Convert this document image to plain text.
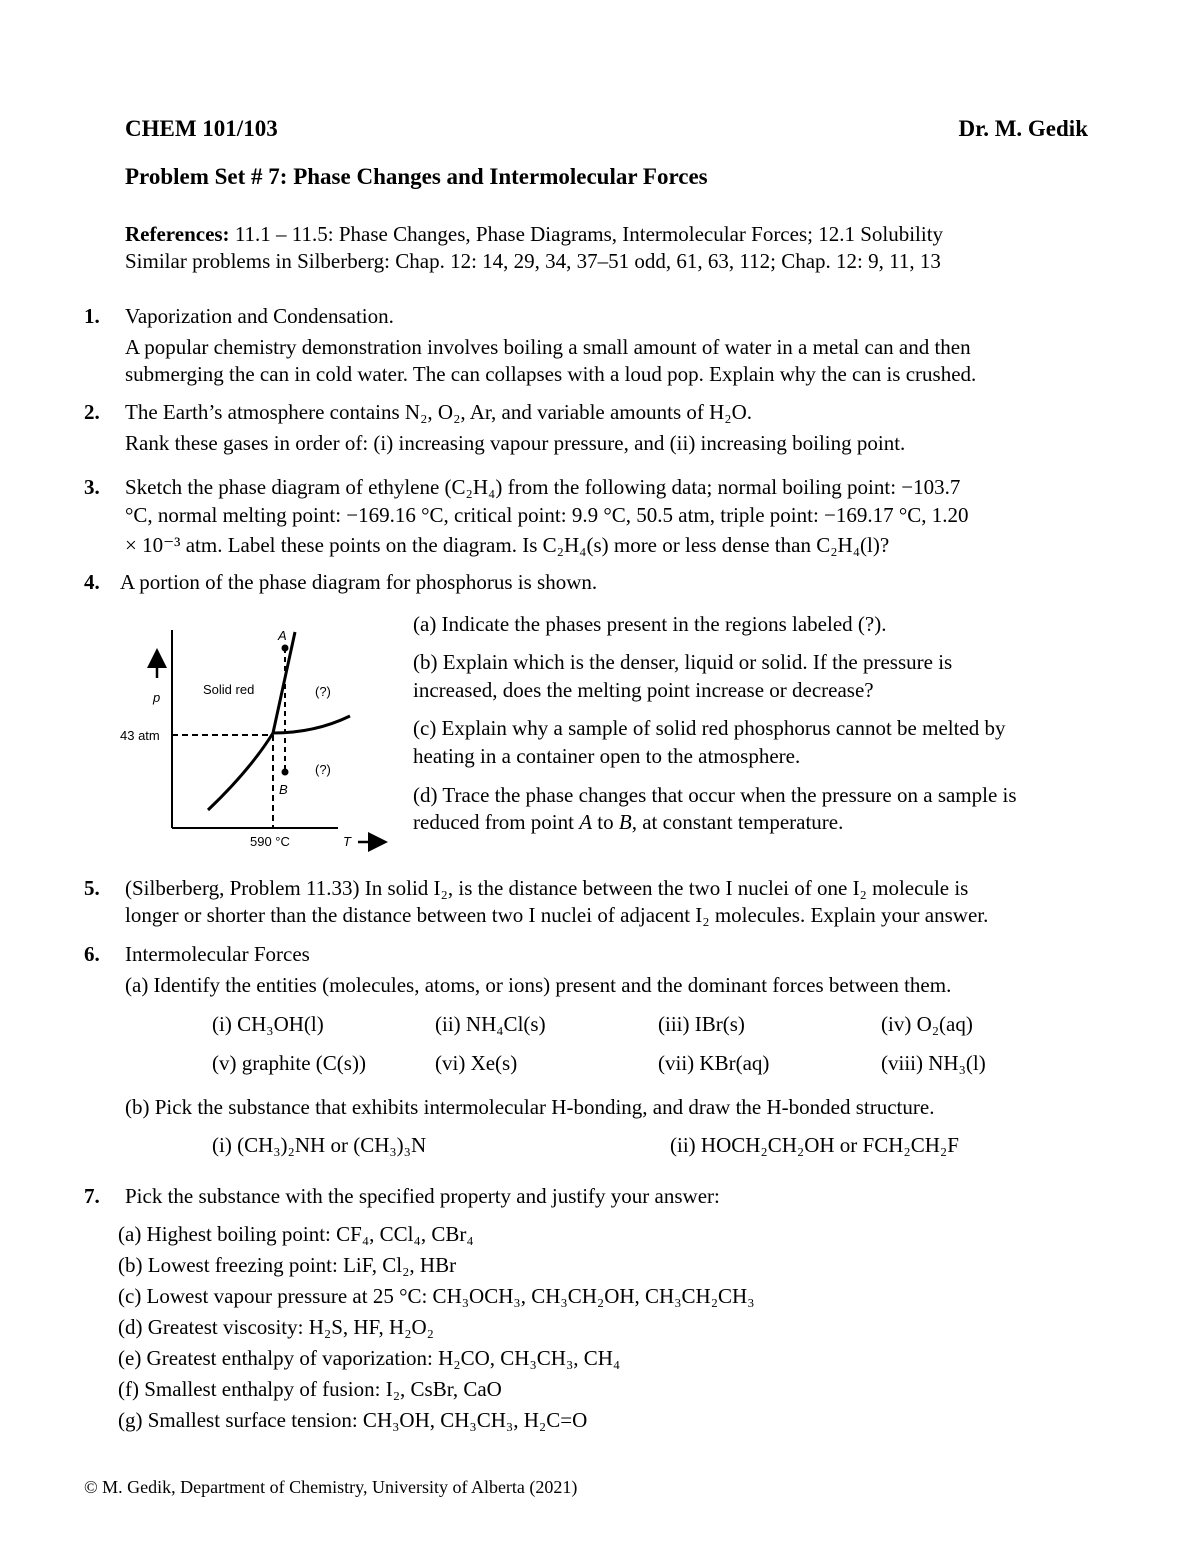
CHEM 101/103	Dr. M. Gedik
Problem Set # 7: Phase Changes and Intermolecular Forces
References: 11.1 – 11.5: Phase Changes, Phase Diagrams, Intermolecular Forces; 12.1 Solubility
Similar problems in Silberberg: Chap. 12: 14, 29, 34, 37–51 odd, 61, 63, 112; Chap. 12: 9, 11, 13
1. Vaporization and Condensation.
A popular chemistry demonstration involves boiling a small amount of water in a metal can and then
submerging the can in cold water. The can collapses with a loud pop. Explain why the can is crushed.
2. The Earth’s atmosphere contains N₂, O₂, Ar, and variable amounts of H₂O.
Rank these gases in order of: (i) increasing vapour pressure, and (ii) increasing boiling point.
3. Sketch the phase diagram of ethylene (C₂H₄) from the following data; normal boiling point: −103.7
°C, normal melting point: −169.16 °C, critical point: 9.9 °C, 50.5 atm, triple point: −169.17 °C, 1.20
× 10⁻³ atm. Label these points on the diagram. Is C₂H₄(s) more or less dense than C₂H₄(l)?
4. A portion of the phase diagram for phosphorus is shown.
A
B
p
T
Solid red	(?)
(?)
43 atm
590 °C
(a) Indicate the phases present in the regions labeled (?).
(b) Explain which is the denser, liquid or solid. If the pressure is
increased, does the melting point increase or decrease?
(c) Explain why a sample of solid red phosphorus cannot be melted by
heating in a container open to the atmosphere.
(d) Trace the phase changes that occur when the pressure on a sample is
reduced from point A to B, at constant temperature.
5. (Silberberg, Problem 11.33) In solid I₂, is the distance between the two I nuclei of one I₂ molecule is
longer or shorter than the distance between two I nuclei of adjacent I₂ molecules. Explain your answer.
6. Intermolecular Forces
(a) Identify the entities (molecules, atoms, or ions) present and the dominant forces between them.
(i) CH₃OH(l)	(ii) NH₄Cl(s)	(iii) IBr(s)	(iv) O₂(aq)
(v) graphite (C(s))	(vi) Xe(s)	(vii) KBr(aq)	(viii) NH₃(l)
(b) Pick the substance that exhibits intermolecular H-bonding, and draw the H-bonded structure.
(i) (CH₃)₂NH or (CH₃)₃N	(ii) HOCH₂CH₂OH or FCH₂CH₂F
7. Pick the substance with the specified property and justify your answer:
(a) Highest boiling point: CF₄, CCl₄, CBr₄
(b) Lowest freezing point: LiF, Cl₂, HBr
(c) Lowest vapour pressure at 25 °C: CH₃OCH₃, CH₃CH₂OH, CH₃CH₂CH₃
(d) Greatest viscosity: H₂S, HF, H₂O₂
(e) Greatest enthalpy of vaporization: H₂CO, CH₃CH₃, CH₄
(f) Smallest enthalpy of fusion: I₂, CsBr, CaO
(g) Smallest surface tension: CH₃OH, CH₃CH₃, H₂C=O
© M. Gedik, Department of Chemistry, University of Alberta (2021)
